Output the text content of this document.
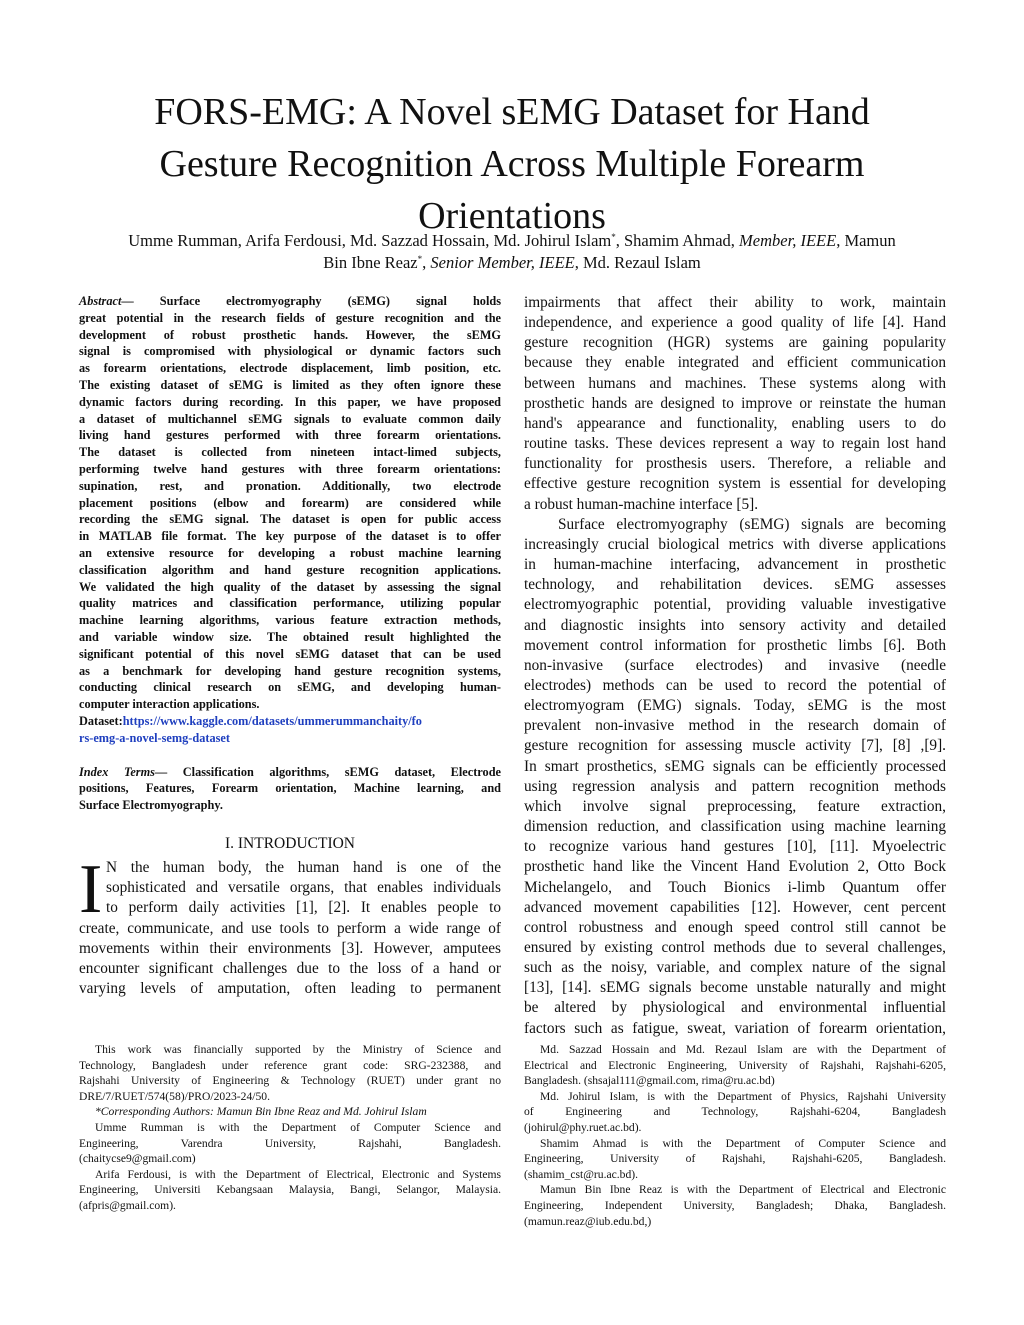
FORS-EMG: A Novel sEMG Dataset for Hand
Gesture Recognition Across Multiple Forearm
Orientations
Umme Rumman, Arifa Ferdousi, Md. Sazzad Hossain, Md. Johirul Islam*, Shamim Ahmad, Member, IEEE, Mamun
Bin Ibne Reaz*, Senior Member, IEEE, Md. Rezaul Islam
Abstract— Surface electromyography (sEMG) signal holds
great potential in the research fields of gesture recognition and the
development of robust prosthetic hands. However, the sEMG
signal is compromised with physiological or dynamic factors such
as forearm orientations, electrode displacement, limb position, etc.
The existing dataset of sEMG is limited as they often ignore these
dynamic factors during recording. In this paper, we have proposed
a dataset of multichannel sEMG signals to evaluate common daily
living hand gestures performed with three forearm orientations.
The dataset is collected from nineteen intact-limed subjects,
performing twelve hand gestures with three forearm orientations:
supination, rest, and pronation. Additionally, two electrode
placement positions (elbow and forearm) are considered while
recording the sEMG signal. The dataset is open for public access
in MATLAB file format. The key purpose of the dataset is to offer
an extensive resource for developing a robust machine learning
classification algorithm and hand gesture recognition applications.
We validated the high quality of the dataset by assessing the signal
quality matrices and classification performance, utilizing popular
machine learning algorithms, various feature extraction methods,
and variable window size. The obtained result highlighted the
significant potential of this novel sEMG dataset that can be used
as a benchmark for developing hand gesture recognition systems,
conducting clinical research on sEMG, and developing human-
computer interaction applications.
Dataset:https://www.kaggle.com/datasets/ummerummanchaity/fo
rs-emg-a-novel-semg-dataset
Index Terms— Classification algorithms, sEMG dataset, Electrode
positions, Features, Forearm orientation, Machine learning, and
Surface Electromyography.
I. INTRODUCTION
I N the human body, the human hand is one of the
sophisticated and versatile organs, that enables individuals
to perform daily activities [1], [2]. It enables people to
create, communicate, and use tools to perform a wide range of
movements within their environments [3]. However, amputees
encounter significant challenges due to the loss of a hand or
varying levels of amputation, often leading to permanent
impairments that affect their ability to work, maintain
independence, and experience a good quality of life [4]. Hand
gesture recognition (HGR) systems are gaining popularity
because they enable integrated and efficient communication
between humans and machines. These systems along with
prosthetic hands are designed to improve or reinstate the human
hand's appearance and functionality, enabling users to do
routine tasks. These devices represent a way to regain lost hand
functionality for prosthesis users. Therefore, a reliable and
effective gesture recognition system is essential for developing
a robust human-machine interface [5].
Surface electromyography (sEMG) signals are becoming
increasingly crucial biological metrics with diverse applications
in human-machine interfacing, advancement in prosthetic
technology, and rehabilitation devices. sEMG assesses
electromyographic potential, providing valuable investigative
and diagnostic insights into sensory activity and detailed
movement control information for prosthetic limbs [6]. Both
non-invasive (surface electrodes) and invasive (needle
electrodes) methods can be used to record the potential of
electromyogram (EMG) signals. Today, sEMG is the most
prevalent non-invasive method in the research domain of
gesture recognition for assessing muscle activity [7], [8] ,[9].
In smart prosthetics, sEMG signals can be efficiently processed
using regression analysis and pattern recognition methods
which involve signal preprocessing, feature extraction,
dimension reduction, and classification using machine learning
to recognize various hand gestures [10], [11]. Myoelectric
prosthetic hand like the Vincent Hand Evolution 2, Otto Bock
Michelangelo, and Touch Bionics i-limb Quantum offer
advanced movement capabilities [12]. However, cent percent
control robustness and enough speed control still cannot be
ensured by existing control methods due to several challenges,
such as the noisy, variable, and complex nature of the signal
[13], [14]. sEMG signals become unstable naturally and might
be altered by physiological and environmental influential
factors such as fatigue, sweat, variation of forearm orientation,
This work was financially supported by the Ministry of Science and
Technology, Bangladesh under reference grant code: SRG-232388, and
Rajshahi University of Engineering & Technology (RUET) under grant no
DRE/7/RUET/574(58)/PRO/2023-24/50.
*Corresponding Authors: Mamun Bin Ibne Reaz and Md. Johirul Islam
Umme Rumman is with the Department of Computer Science and
Engineering, Varendra University, Rajshahi, Bangladesh.
(chaitycse9@gmail.com)
Arifa Ferdousi, is with the Department of Electrical, Electronic and Systems
Engineering, Universiti Kebangsaan Malaysia, Bangi, Selangor, Malaysia.
(afpris@gmail.com).
Md. Sazzad Hossain and Md. Rezaul Islam are with the Department of
Electrical and Electronic Engineering, University of Rajshahi, Rajshahi-6205,
Bangladesh. (shsajal111@gmail.com, rima@ru.ac.bd)
Md. Johirul Islam, is with the Department of Physics, Rajshahi University
of Engineering and Technology, Rajshahi-6204, Bangladesh
(johirul@phy.ruet.ac.bd).
Shamim Ahmad is with the Department of Computer Science and
Engineering, University of Rajshahi, Rajshahi-6205, Bangladesh.
(shamim_cst@ru.ac.bd).
Mamun Bin Ibne Reaz is with the Department of Electrical and Electronic
Engineering, Independent University, Bangladesh; Dhaka, Bangladesh.
(mamun.reaz@iub.edu.bd,)
